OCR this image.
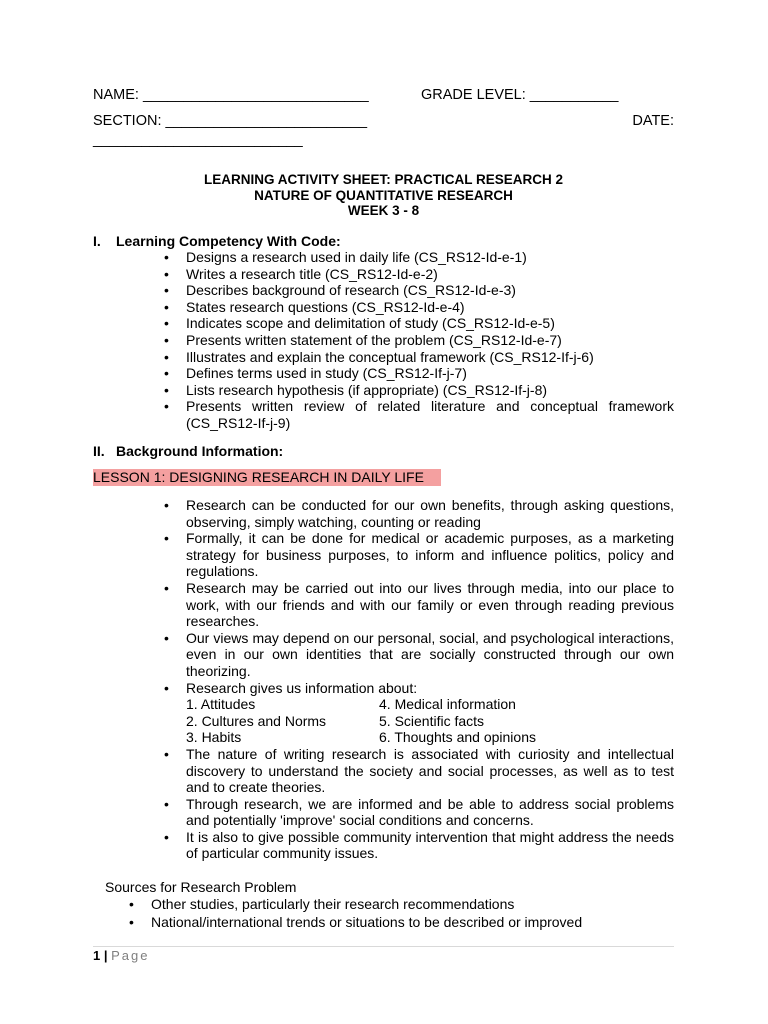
NAME: ____________________________	GRADE LEVEL: ___________
SECTION: _________________________	DATE:
__________________________
LEARNING ACTIVITY SHEET: PRACTICAL RESEARCH 2
NATURE OF QUANTITATIVE RESEARCH
WEEK 3 - 8
I. Learning Competency With Code:
• Designs a research used in daily life (CS_RS12-Id-e-1)
• Writes a research title (CS_RS12-Id-e-2)
• Describes background of research (CS_RS12-Id-e-3)
• States research questions (CS_RS12-Id-e-4)
• Indicates scope and delimitation of study (CS_RS12-Id-e-5)
• Presents written statement of the problem (CS_RS12-Id-e-7)
• Illustrates and explain the conceptual framework (CS_RS12-If-j-6)
• Defines terms used in study (CS_RS12-If-j-7)
• Lists research hypothesis (if appropriate) (CS_RS12-If-j-8)
• Presents written review of related literature and conceptual framework (CS_RS12-If-j-9)
II. Background Information:
LESSON 1: DESIGNING RESEARCH IN DAILY LIFE
• Research can be conducted for our own benefits, through asking questions, observing, simply watching, counting or reading
• Formally, it can be done for medical or academic purposes, as a marketing strategy for business purposes, to inform and influence politics, policy and regulations.
• Research may be carried out into our lives through media, into our place to work, with our friends and with our family or even through reading previous researches.
• Our views may depend on our personal, social, and psychological interactions, even in our own identities that are socially constructed through our own theorizing.
• Research gives us information about:
1. Attitudes	4. Medical information
2. Cultures and Norms	5. Scientific facts
3. Habits	6. Thoughts and opinions
• The nature of writing research is associated with curiosity and intellectual discovery to understand the society and social processes, as well as to test and to create theories.
• Through research, we are informed and be able to address social problems and potentially 'improve' social conditions and concerns.
• It is also to give possible community intervention that might address the needs of particular community issues.
Sources for Research Problem
• Other studies, particularly their research recommendations
• National/international trends or situations to be described or improved
1 | Page
